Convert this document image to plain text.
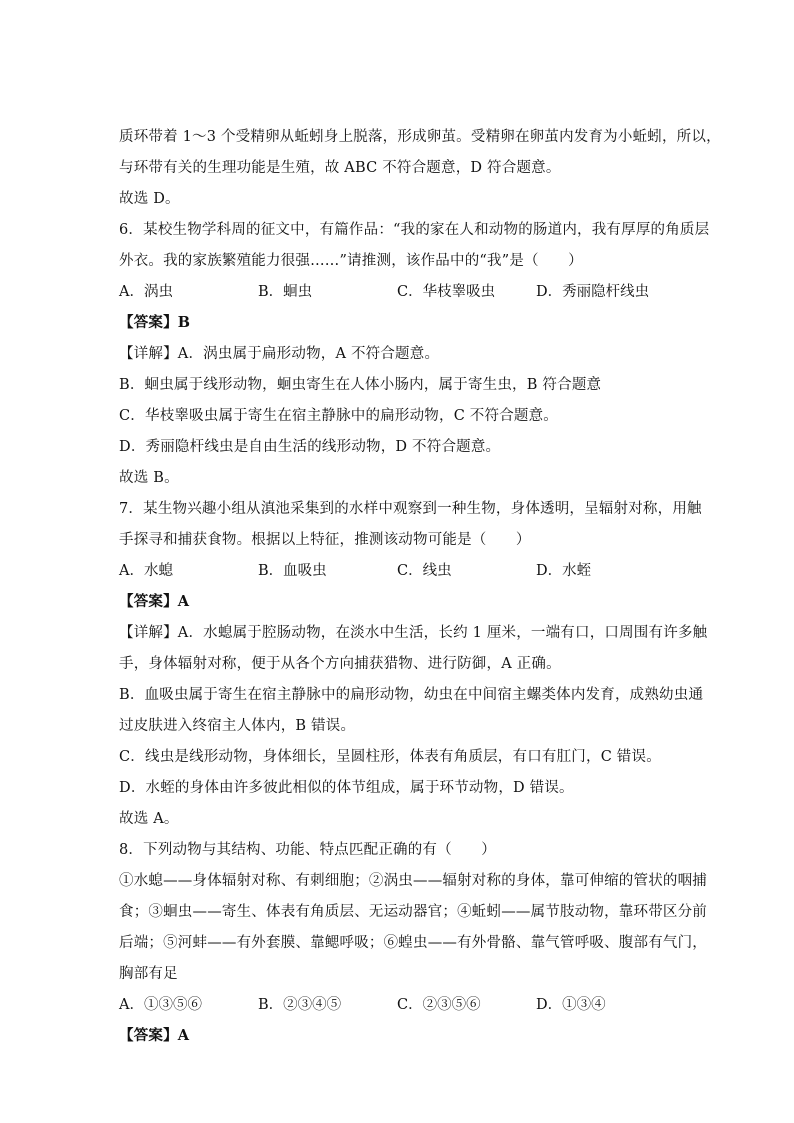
质环带着 1～3 个受精卵从蚯蚓身上脱落，形成卵茧。受精卵在卵茧内发育为小蚯蚓，所以，
与环带有关的生理功能是生殖，故 ABC 不符合题意，D 符合题意。
故选 D。
6．某校生物学科周的征文中，有篇作品：“我的家在人和动物的肠道内，我有厚厚的角质层
外衣。我的家族繁殖能力很强……”请推测，该作品中的“我”是（　　）
A．涡虫	B．蛔虫	C．华枝睾吸虫	D．秀丽隐杆线虫
【答案】B
【详解】A．涡虫属于扁形动物，A 不符合题意。
B．蛔虫属于线形动物，蛔虫寄生在人体小肠内，属于寄生虫，B 符合题意
C．华枝睾吸虫属于寄生在宿主静脉中的扁形动物，C 不符合题意。
D．秀丽隐杆线虫是自由生活的线形动物，D 不符合题意。
故选 B。
7．某生物兴趣小组从滇池采集到的水样中观察到一种生物，身体透明，呈辐射对称，用触
手探寻和捕获食物。根据以上特征，推测该动物可能是（　　）
A．水螅	B．血吸虫	C．线虫	D．水蛭
【答案】A
【详解】A．水螅属于腔肠动物，在淡水中生活，长约 1 厘米，一端有口，口周围有许多触
手，身体辐射对称，便于从各个方向捕获猎物、进行防御，A 正确。
B．血吸虫属于寄生在宿主静脉中的扁形动物，幼虫在中间宿主螺类体内发育，成熟幼虫通
过皮肤进入终宿主人体内，B 错误。
C．线虫是线形动物，身体细长，呈圆柱形，体表有角质层，有口有肛门，C 错误。
D．水蛭的身体由许多彼此相似的体节组成，属于环节动物，D 错误。
故选 A。
8．下列动物与其结构、功能、特点匹配正确的有（　　）
①水螅——身体辐射对称、有刺细胞；②涡虫——辐射对称的身体，靠可伸缩的管状的咽捕
食；③蛔虫——寄生、体表有角质层、无运动器官；④蚯蚓——属节肢动物，靠环带区分前
后端；⑤河蚌——有外套膜、靠鳃呼吸；⑥蝗虫——有外骨骼、靠气管呼吸、腹部有气门，
胸部有足
A．①③⑤⑥	B．②③④⑤	C．②③⑤⑥	D．①③④
【答案】A
